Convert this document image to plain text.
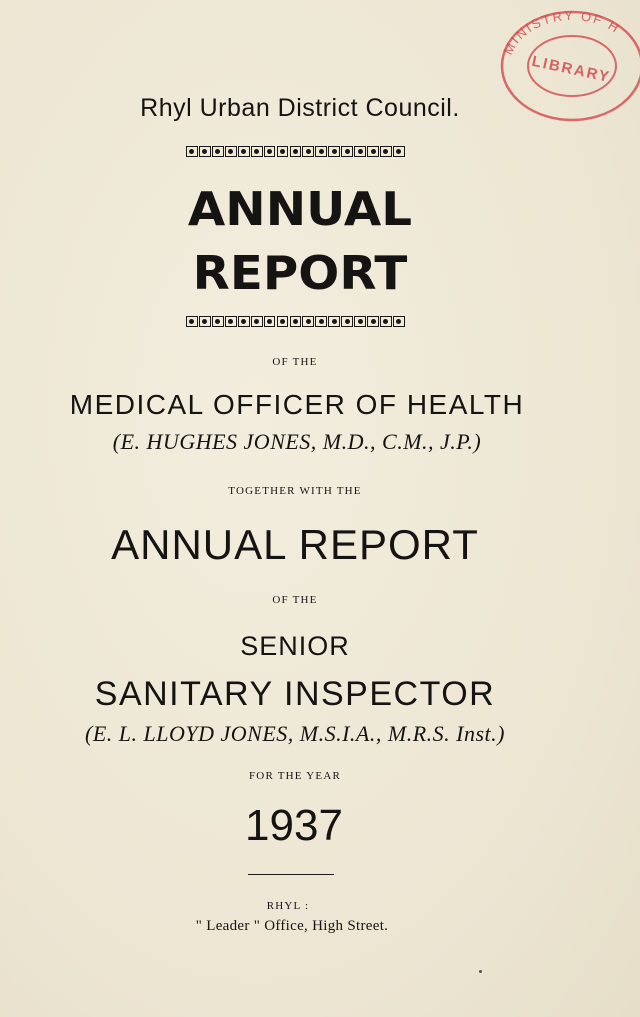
MINISTRY OF H
LIBRARY
Rhyl Urban District Council.
ANNUAL
REPORT
OF THE
MEDICAL OFFICER OF HEALTH
(E. HUGHES JONES, M.D., C.M., J.P.)
TOGETHER WITH THE
ANNUAL REPORT
OF THE
SENIOR
SANITARY INSPECTOR
(E. L. LLOYD JONES, M.S.I.A., M.R.S. Inst.)
FOR THE YEAR
1937
RHYL :
" Leader " Office, High Street.
